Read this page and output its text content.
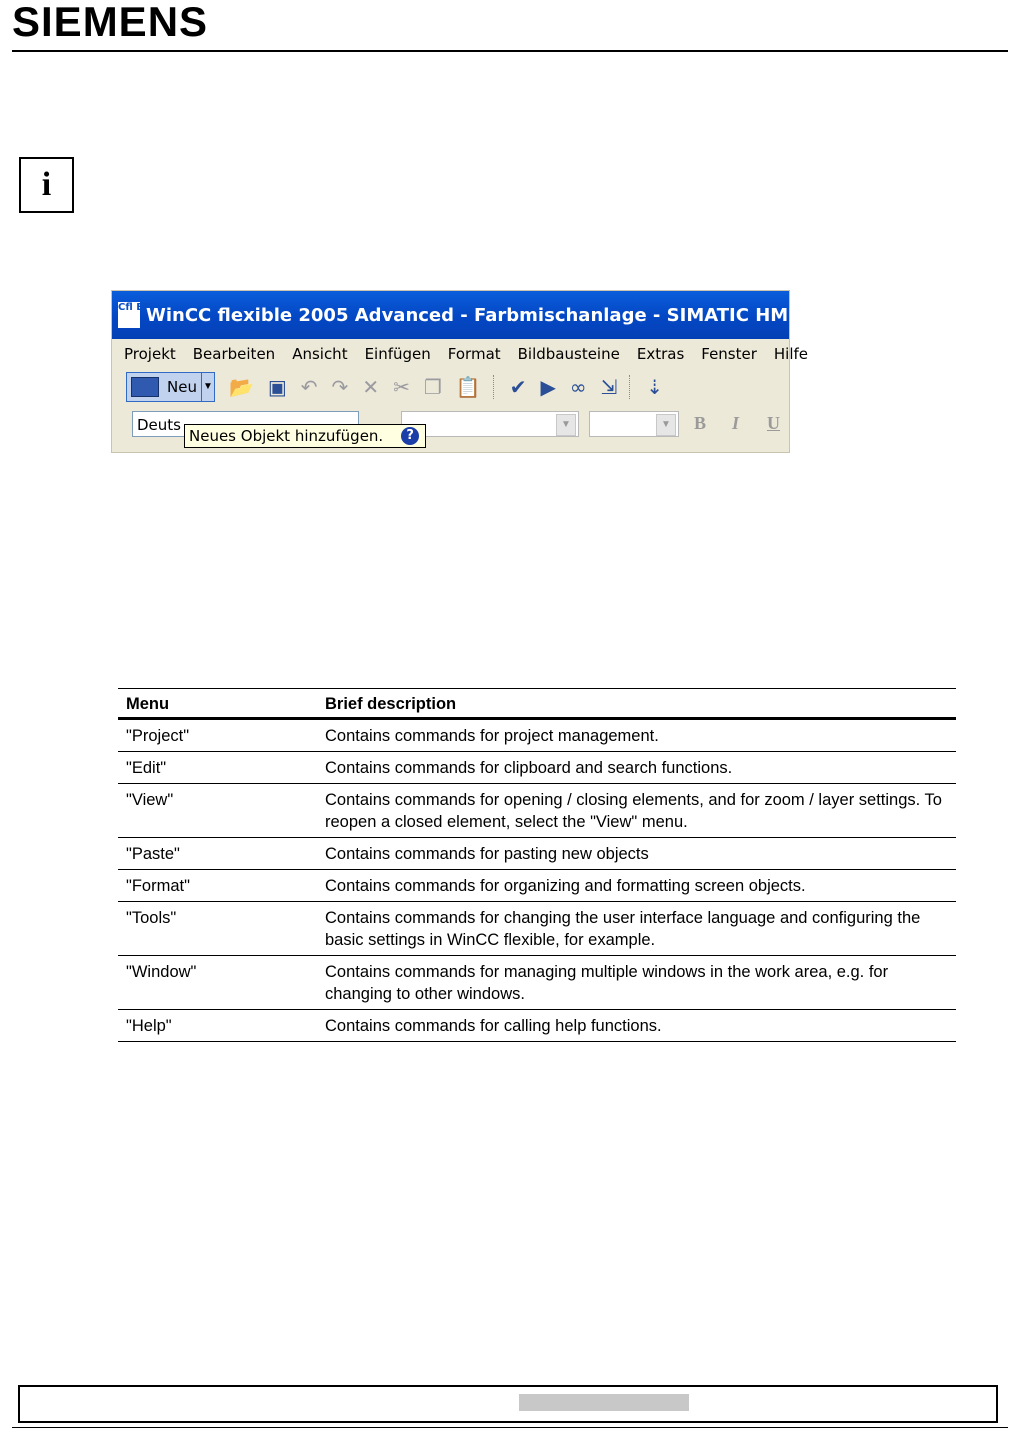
SIEMENS
i
Cfl ES
WinCC flexible 2005 Advanced - Farbmischanlage - SIMATIC HMI-Stat
Projekt Bearbeiten Ansicht Einfügen Format Bildbausteine Extras Fenster Hilfe
Neu ▼ 📂 ▣ ↶ ↷ ✕ ✂ ❐ 📋 ✔ ▶ ∞ ⇲ ⇣
Deuts	▼	▼ B I U
Neues Objekt hinzufügen.	?
Menu	Brief description
"Project"	Contains commands for project management.
"Edit"	Contains commands for clipboard and search functions.
"View"	Contains commands for opening / closing elements, and for zoom / layer settings. To reopen a closed element, select the "View" menu.
"Paste"	Contains commands for pasting new objects
"Format"	Contains commands for organizing and formatting screen objects.
"Tools"	Contains commands for changing the user interface language and configuring the basic settings in WinCC flexible, for example.
"Window"	Contains commands for managing multiple windows in the work area, e.g. for changing to other windows.
"Help"	Contains commands for calling help functions.
